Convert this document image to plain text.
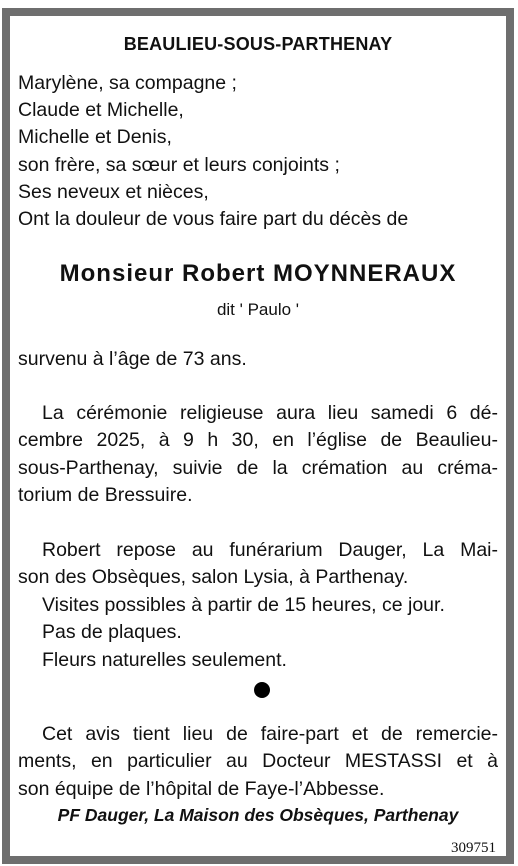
BEAULIEU-SOUS-PARTHENAY
Marylène, sa compagne ;
Claude et Michelle,
Michelle et Denis,
son frère, sa sœur et leurs conjoints ;
Ses neveux et nièces,
Ont la douleur de vous faire part du décès de
Monsieur Robert MOYNNERAUX
dit ' Paulo '
survenu à l’âge de 73 ans.
La cérémonie religieuse aura lieu samedi 6 dé-
cembre 2025, à 9 h 30, en l’église de Beaulieu-
sous-Parthenay, suivie de la crémation au créma-
torium de Bressuire.
Robert repose au funérarium Dauger, La Mai-
son des Obsèques, salon Lysia, à Parthenay.
Visites possibles à partir de 15 heures, ce jour.
Pas de plaques.
Fleurs naturelles seulement.
Cet avis tient lieu de faire-part et de remercie-
ments, en particulier au Docteur MESTASSI et à
son équipe de l’hôpital de Faye-l’Abbesse.
PF Dauger, La Maison des Obsèques, Parthenay
309751
